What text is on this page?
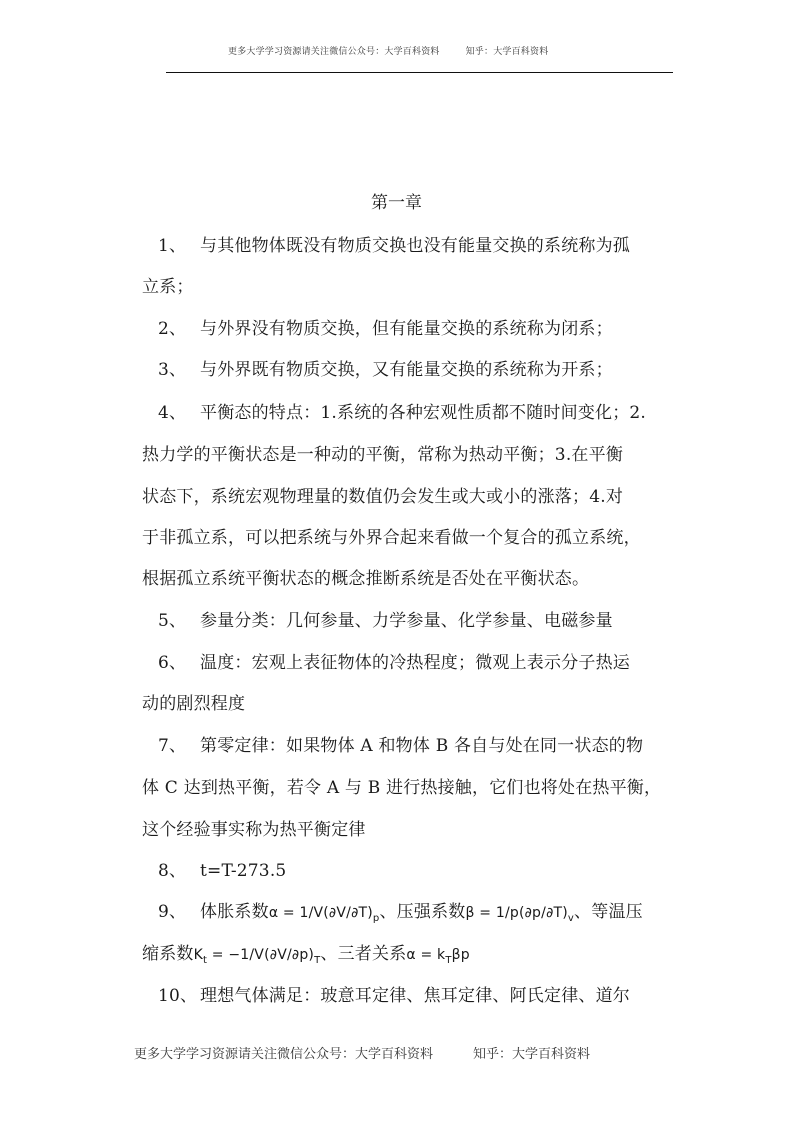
更多大学学习资源请关注微信公众号：大学百科资料	知乎：大学百科资料
第一章
1、 与其他物体既没有物质交换也没有能量交换的系统称为孤
立系；
2、 与外界没有物质交换，但有能量交换的系统称为闭系；
3、 与外界既有物质交换，又有能量交换的系统称为开系；
4、 平衡态的特点：1.系统的各种宏观性质都不随时间变化；2.
热力学的平衡状态是一种动的平衡，常称为热动平衡；3.在平衡
状态下，系统宏观物理量的数值仍会发生或大或小的涨落；4.对
于非孤立系，可以把系统与外界合起来看做一个复合的孤立系统，
根据孤立系统平衡状态的概念推断系统是否处在平衡状态。
5、 参量分类：几何参量、力学参量、化学参量、电磁参量
6、 温度：宏观上表征物体的冷热程度；微观上表示分子热运
动的剧烈程度
7、 第零定律：如果物体 A 和物体 B 各自与处在同一状态的物
体 C 达到热平衡，若令 A 与 B 进行热接触，它们也将处在热平衡，
这个经验事实称为热平衡定律
8、 t=T-273.5
9、 体胀系数$\alpha = 1/V(\partial V/\partial T)_p$、压强系数$\beta = 1/p(\partial p/\partial T)_v$、等温压
缩系数$K_t = -1/V(\partial V/\partial p)_T$、三者关系$\alpha = k_T\beta p$
10、 理想气体满足：玻意耳定律、焦耳定律、阿氏定律、道尔
更多大学学习资源请关注微信公众号：大学百科资料	知乎：大学百科资料
